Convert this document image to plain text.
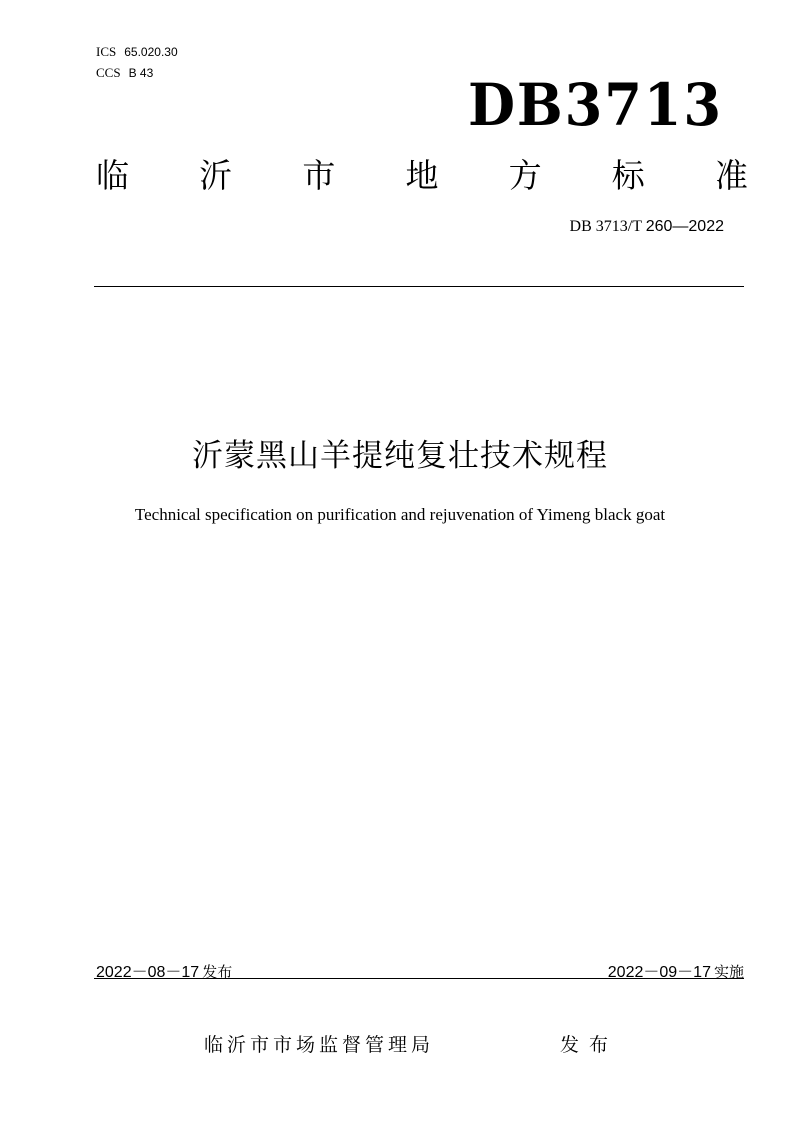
ICS 65.020.30
CCS B 43	DB3713
临 沂 市 地 方 标 准
DB 3713/T 260—2022
沂蒙黑山羊提纯复壮技术规程
Technical specification on purification and rejuvenation of Yimeng black goat
2022－08－17 发布	2022－09－17 实施
临沂市市场监督管理局	发布
